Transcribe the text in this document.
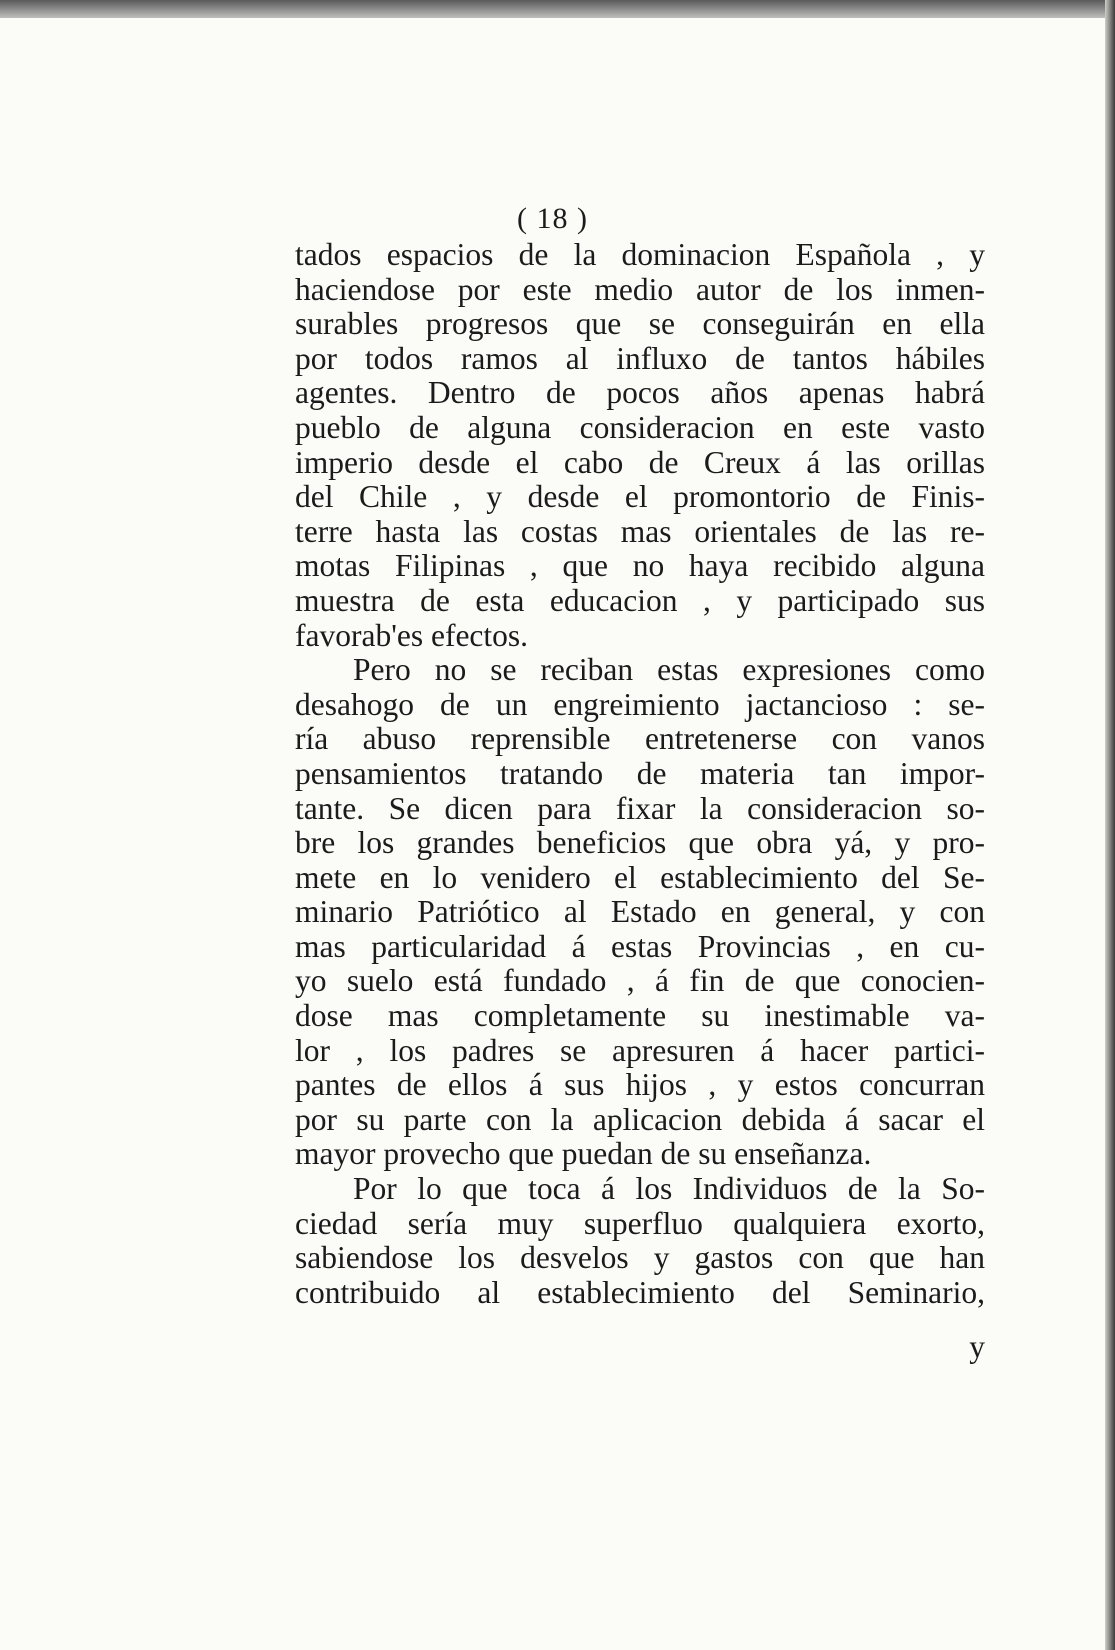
( 18 )
tados espacios de la dominacion Española , y
haciendose por este medio autor de los inmen-
surables progresos que se conseguirán en ella
por todos ramos al influxo de tantos hábiles
agentes. Dentro de pocos años apenas habrá
pueblo de alguna consideracion en este vasto
imperio desde el cabo de Creux á las orillas
del Chile , y desde el promontorio de Finis-
terre hasta las costas mas orientales de las re-
motas Filipinas , que no haya recibido alguna
muestra de esta educacion , y participado sus
favorab'es efectos.
Pero no se reciban estas expresiones como
desahogo de un engreimiento jactancioso : se-
ría abuso reprensible entretenerse con vanos
pensamientos tratando de materia tan impor-
tante. Se dicen para fixar la consideracion so-
bre los grandes beneficios que obra yá, y pro-
mete en lo venidero el establecimiento del Se-
minario Patriótico al Estado en general, y con
mas particularidad á estas Provincias , en cu-
yo suelo está fundado , á fin de que conocien-
dose mas completamente su inestimable va-
lor , los padres se apresuren á hacer partici-
pantes de ellos á sus hijos , y estos concurran
por su parte con la aplicacion debida á sacar el
mayor provecho que puedan de su enseñanza.
Por lo que toca á los Individuos de la So-
ciedad sería muy superfluo qualquiera exorto,
sabiendose los desvelos y gastos con que han
contribuido al establecimiento del Seminario,
y
